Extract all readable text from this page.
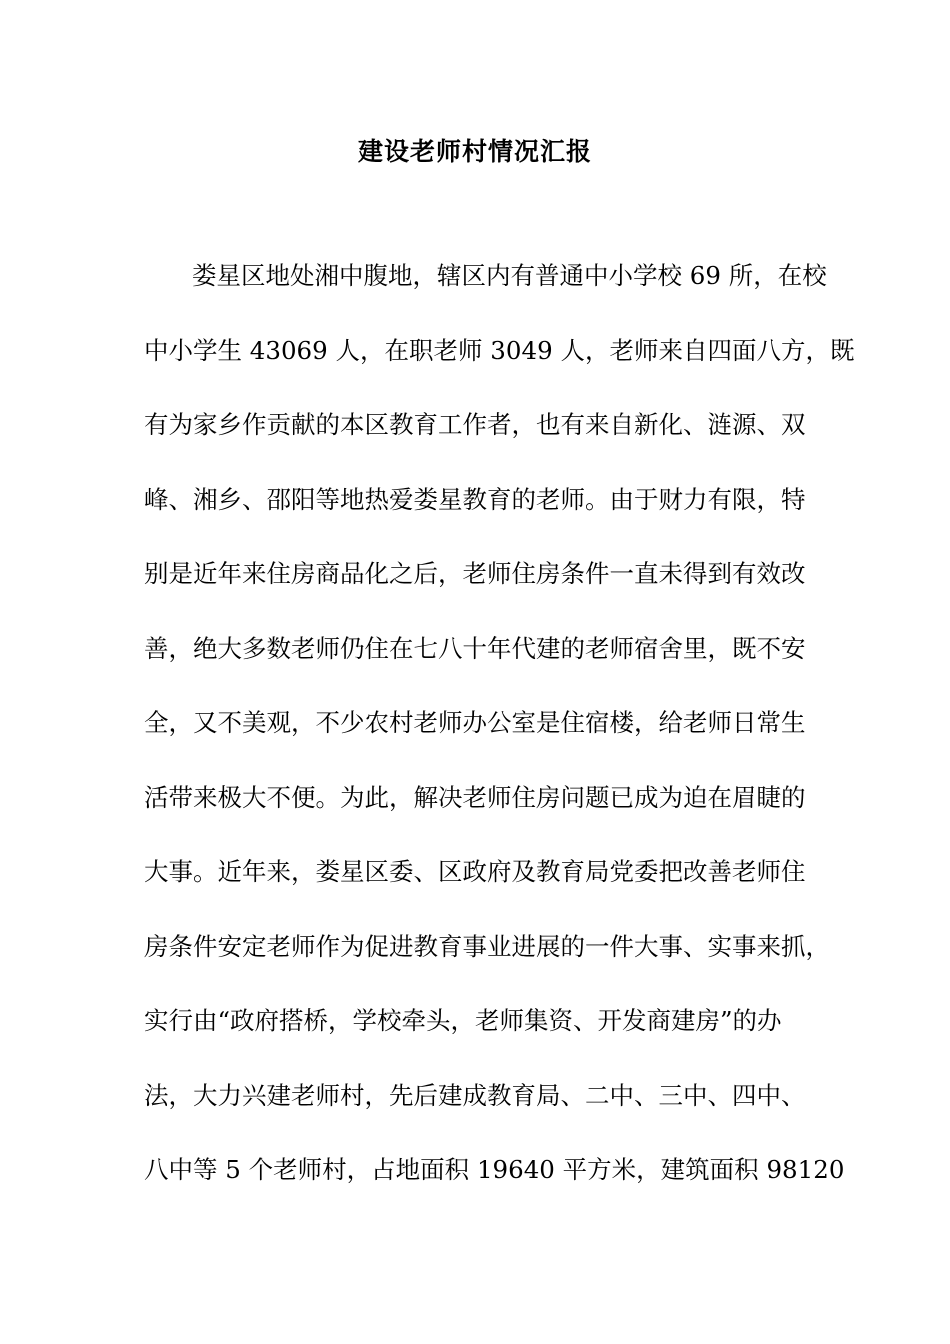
建设老师村情况汇报
娄星区地处湘中腹地，辖区内有普通中小学校 69 所，在校
中小学生 43069 人，在职老师 3049 人，老师来自四面八方，既
有为家乡作贡献的本区教育工作者，也有来自新化、涟源、双
峰、湘乡、邵阳等地热爱娄星教育的老师。由于财力有限，特
别是近年来住房商品化之后，老师住房条件一直未得到有效改
善，绝大多数老师仍住在七八十年代建的老师宿舍里，既不安
全，又不美观，不少农村老师办公室是住宿楼，给老师日常生
活带来极大不便。为此，解决老师住房问题已成为迫在眉睫的
大事。近年来，娄星区委、区政府及教育局党委把改善老师住
房条件安定老师作为促进教育事业进展的一件大事、实事来抓，
实行由“政府搭桥，学校牵头，老师集资、开发商建房”的办
法，大力兴建老师村，先后建成教育局、二中、三中、四中、
八中等 5 个老师村，占地面积 19640 平方米，建筑面积 98120
